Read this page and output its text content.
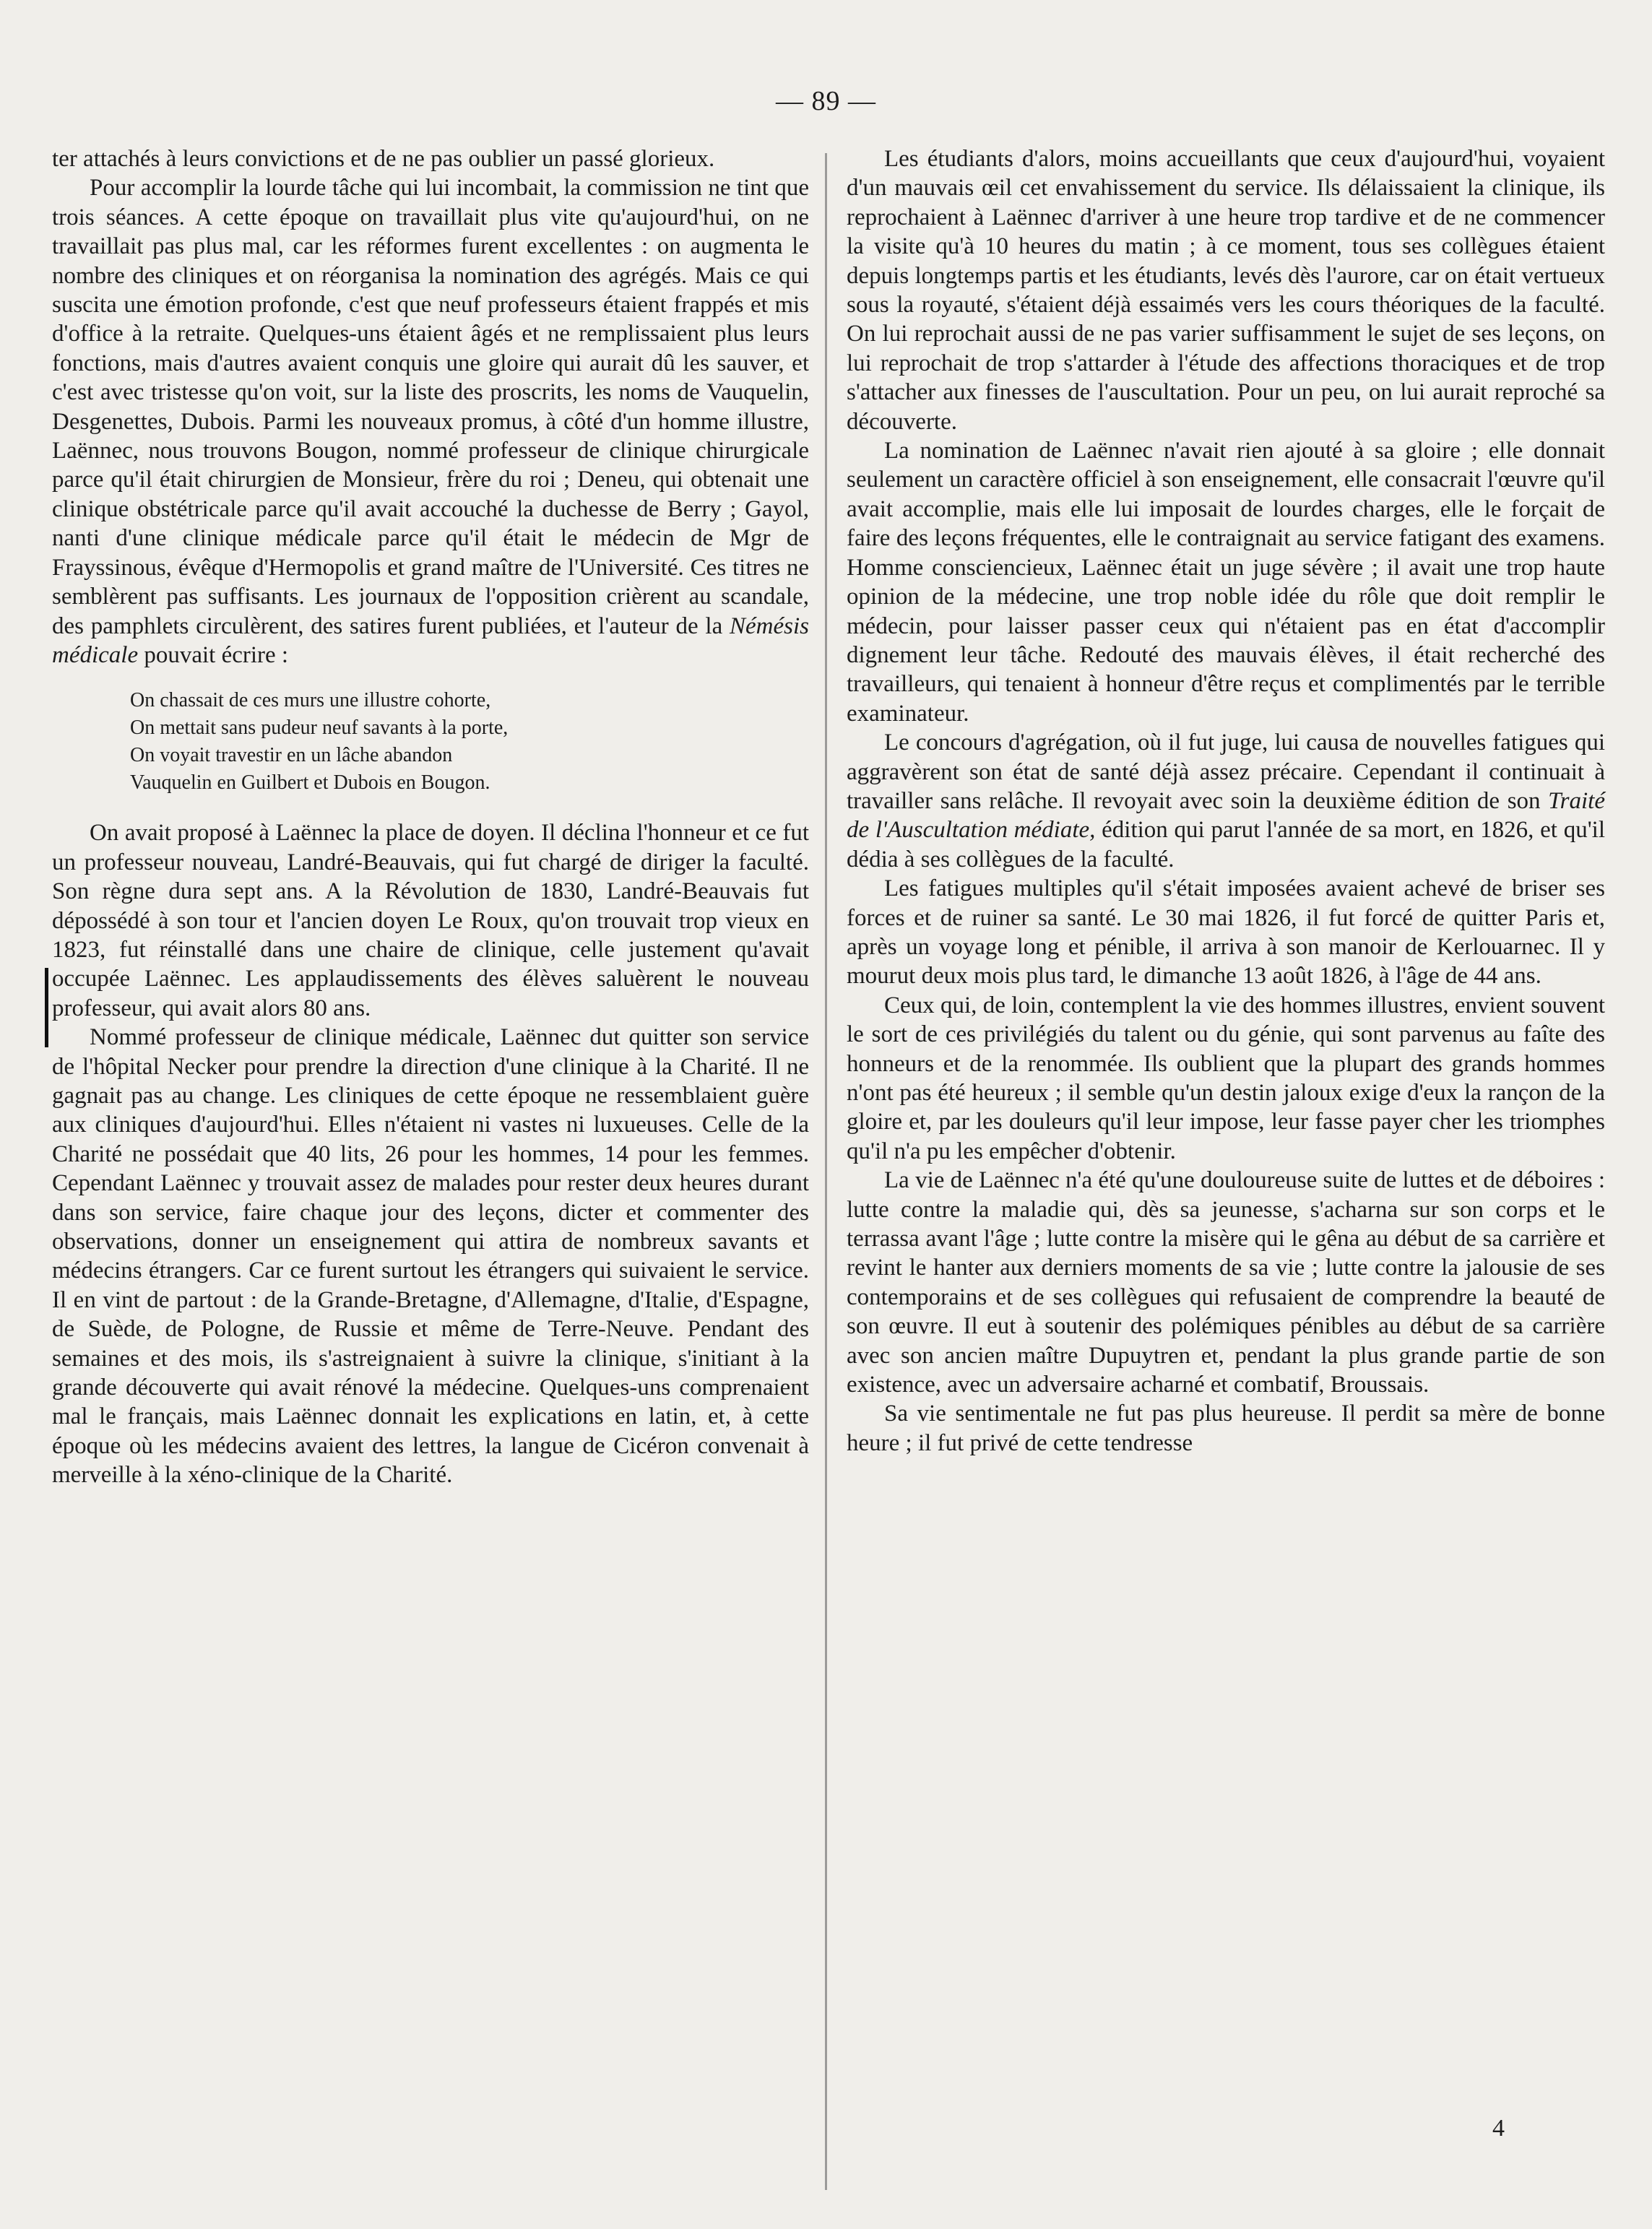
— 89 —

ter attachés à leurs convictions et de ne pas oublier un passé glorieux.

Pour accomplir la lourde tâche qui lui incombait, la commission ne tint que trois séances. A cette époque on travaillait plus vite qu'aujourd'hui, on ne travaillait pas plus mal, car les réformes furent excellentes : on augmenta le nombre des cliniques et on réorganisa la nomination des agrégés. Mais ce qui suscita une émotion profonde, c'est que neuf professeurs étaient frappés et mis d'office à la retraite. Quelques-uns étaient âgés et ne remplissaient plus leurs fonctions, mais d'autres avaient conquis une gloire qui aurait dû les sauver, et c'est avec tristesse qu'on voit, sur la liste des proscrits, les noms de Vauquelin, Desgenettes, Dubois. Parmi les nouveaux promus, à côté d'un homme illustre, Laënnec, nous trouvons Bougon, nommé professeur de clinique chirurgicale parce qu'il était chirurgien de Monsieur, frère du roi ; Deneu, qui obtenait une clinique obstétricale parce qu'il avait accouché la duchesse de Berry ; Gayol, nanti d'une clinique médicale parce qu'il était le médecin de Mgr de Frayssinous, évêque d'Hermopolis et grand maître de l'Université. Ces titres ne semblèrent pas suffisants. Les journaux de l'opposition crièrent au scandale, des pamphlets circulèrent, des satires furent publiées, et l'auteur de la Némésis médicale pouvait écrire :

On chassait de ces murs une illustre cohorte,
On mettait sans pudeur neuf savants à la porte,
On voyait travestir en un lâche abandon
Vauquelin en Guilbert et Dubois en Bougon.

On avait proposé à Laënnec la place de doyen. Il déclina l'honneur et ce fut un professeur nouveau, Landré-Beauvais, qui fut chargé de diriger la faculté. Son règne dura sept ans. A la Révolution de 1830, Landré-Beauvais fut dépossédé à son tour et l'ancien doyen Le Roux, qu'on trouvait trop vieux en 1823, fut réinstallé dans une chaire de clinique, celle justement qu'avait occupée Laënnec. Les applaudissements des élèves saluèrent le nouveau professeur, qui avait alors 80 ans.

Nommé professeur de clinique médicale, Laënnec dut quitter son service de l'hôpital Necker pour prendre la direction d'une clinique à la Charité. Il ne gagnait pas au change. Les cliniques de cette époque ne ressemblaient guère aux cliniques d'aujourd'hui. Elles n'étaient ni vastes ni luxueuses. Celle de la Charité ne possédait que 40 lits, 26 pour les hommes, 14 pour les femmes. Cependant Laënnec y trouvait assez de malades pour rester deux heures durant dans son service, faire chaque jour des leçons, dicter et commenter des observations, donner un enseignement qui attira de nombreux savants et médecins étrangers. Car ce furent surtout les étrangers qui suivaient le service. Il en vint de partout : de la Grande-Bretagne, d'Allemagne, d'Italie, d'Espagne, de Suède, de Pologne, de Russie et même de Terre-Neuve. Pendant des semaines et des mois, ils s'astreignaient à suivre la clinique, s'initiant à la grande découverte qui avait rénové la médecine. Quelques-uns comprenaient mal le français, mais Laënnec donnait les explications en latin, et, à cette époque où les médecins avaient des lettres, la langue de Cicéron convenait à merveille à la xéno-clinique de la Charité.

Les étudiants d'alors, moins accueillants que ceux d'aujourd'hui, voyaient d'un mauvais œil cet envahissement du service. Ils délaissaient la clinique, ils reprochaient à Laënnec d'arriver à une heure trop tardive et de ne commencer la visite qu'à 10 heures du matin ; à ce moment, tous ses collègues étaient depuis longtemps partis et les étudiants, levés dès l'aurore, car on était vertueux sous la royauté, s'étaient déjà essaimés vers les cours théoriques de la faculté. On lui reprochait aussi de ne pas varier suffisamment le sujet de ses leçons, on lui reprochait de trop s'attarder à l'étude des affections thoraciques et de trop s'attacher aux finesses de l'auscultation. Pour un peu, on lui aurait reproché sa découverte.

La nomination de Laënnec n'avait rien ajouté à sa gloire ; elle donnait seulement un caractère officiel à son enseignement, elle consacrait l'œuvre qu'il avait accomplie, mais elle lui imposait de lourdes charges, elle le forçait de faire des leçons fréquentes, elle le contraignait au service fatigant des examens. Homme consciencieux, Laënnec était un juge sévère ; il avait une trop haute opinion de la médecine, une trop noble idée du rôle que doit remplir le médecin, pour laisser passer ceux qui n'étaient pas en état d'accomplir dignement leur tâche. Redouté des mauvais élèves, il était recherché des travailleurs, qui tenaient à honneur d'être reçus et complimentés par le terrible examinateur.

Le concours d'agrégation, où il fut juge, lui causa de nouvelles fatigues qui aggravèrent son état de santé déjà assez précaire. Cependant il continuait à travailler sans relâche. Il revoyait avec soin la deuxième édition de son Traité de l'Auscultation médiate, édition qui parut l'année de sa mort, en 1826, et qu'il dédia à ses collègues de la faculté.

Les fatigues multiples qu'il s'était imposées avaient achevé de briser ses forces et de ruiner sa santé. Le 30 mai 1826, il fut forcé de quitter Paris et, après un voyage long et pénible, il arriva à son manoir de Kerlouarnec. Il y mourut deux mois plus tard, le dimanche 13 août 1826, à l'âge de 44 ans.

Ceux qui, de loin, contemplent la vie des hommes illustres, envient souvent le sort de ces privilégiés du talent ou du génie, qui sont parvenus au faîte des honneurs et de la renommée. Ils oublient que la plupart des grands hommes n'ont pas été heureux ; il semble qu'un destin jaloux exige d'eux la rançon de la gloire et, par les douleurs qu'il leur impose, leur fasse payer cher les triomphes qu'il n'a pu les empêcher d'obtenir.

La vie de Laënnec n'a été qu'une douloureuse suite de luttes et de déboires : lutte contre la maladie qui, dès sa jeunesse, s'acharna sur son corps et le terrassa avant l'âge ; lutte contre la misère qui le gêna au début de sa carrière et revint le hanter aux derniers moments de sa vie ; lutte contre la jalousie de ses contemporains et de ses collègues qui refusaient de comprendre la beauté de son œuvre. Il eut à soutenir des polémiques pénibles au début de sa carrière avec son ancien maître Dupuytren et, pendant la plus grande partie de son existence, avec un adversaire acharné et combatif, Broussais.

Sa vie sentimentale ne fut pas plus heureuse. Il perdit sa mère de bonne heure ; il fut privé de cette tendresse

4
